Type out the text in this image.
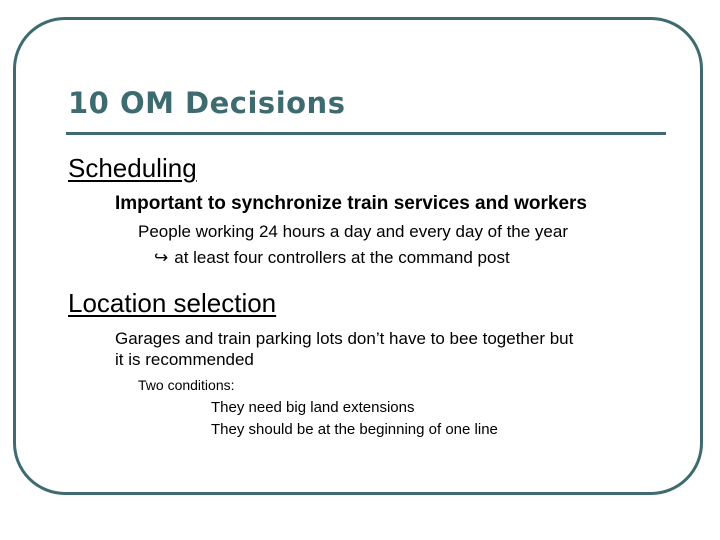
10 OM Decisions
Scheduling
Important to synchronize train services and workers
People working 24 hours a day and every day of the year
↪ at least four controllers at the command post
Location selection
Garages and train parking lots don’t have to bee together but
it is recommended
Two conditions:
They need big land extensions
They should be at the beginning of one line
